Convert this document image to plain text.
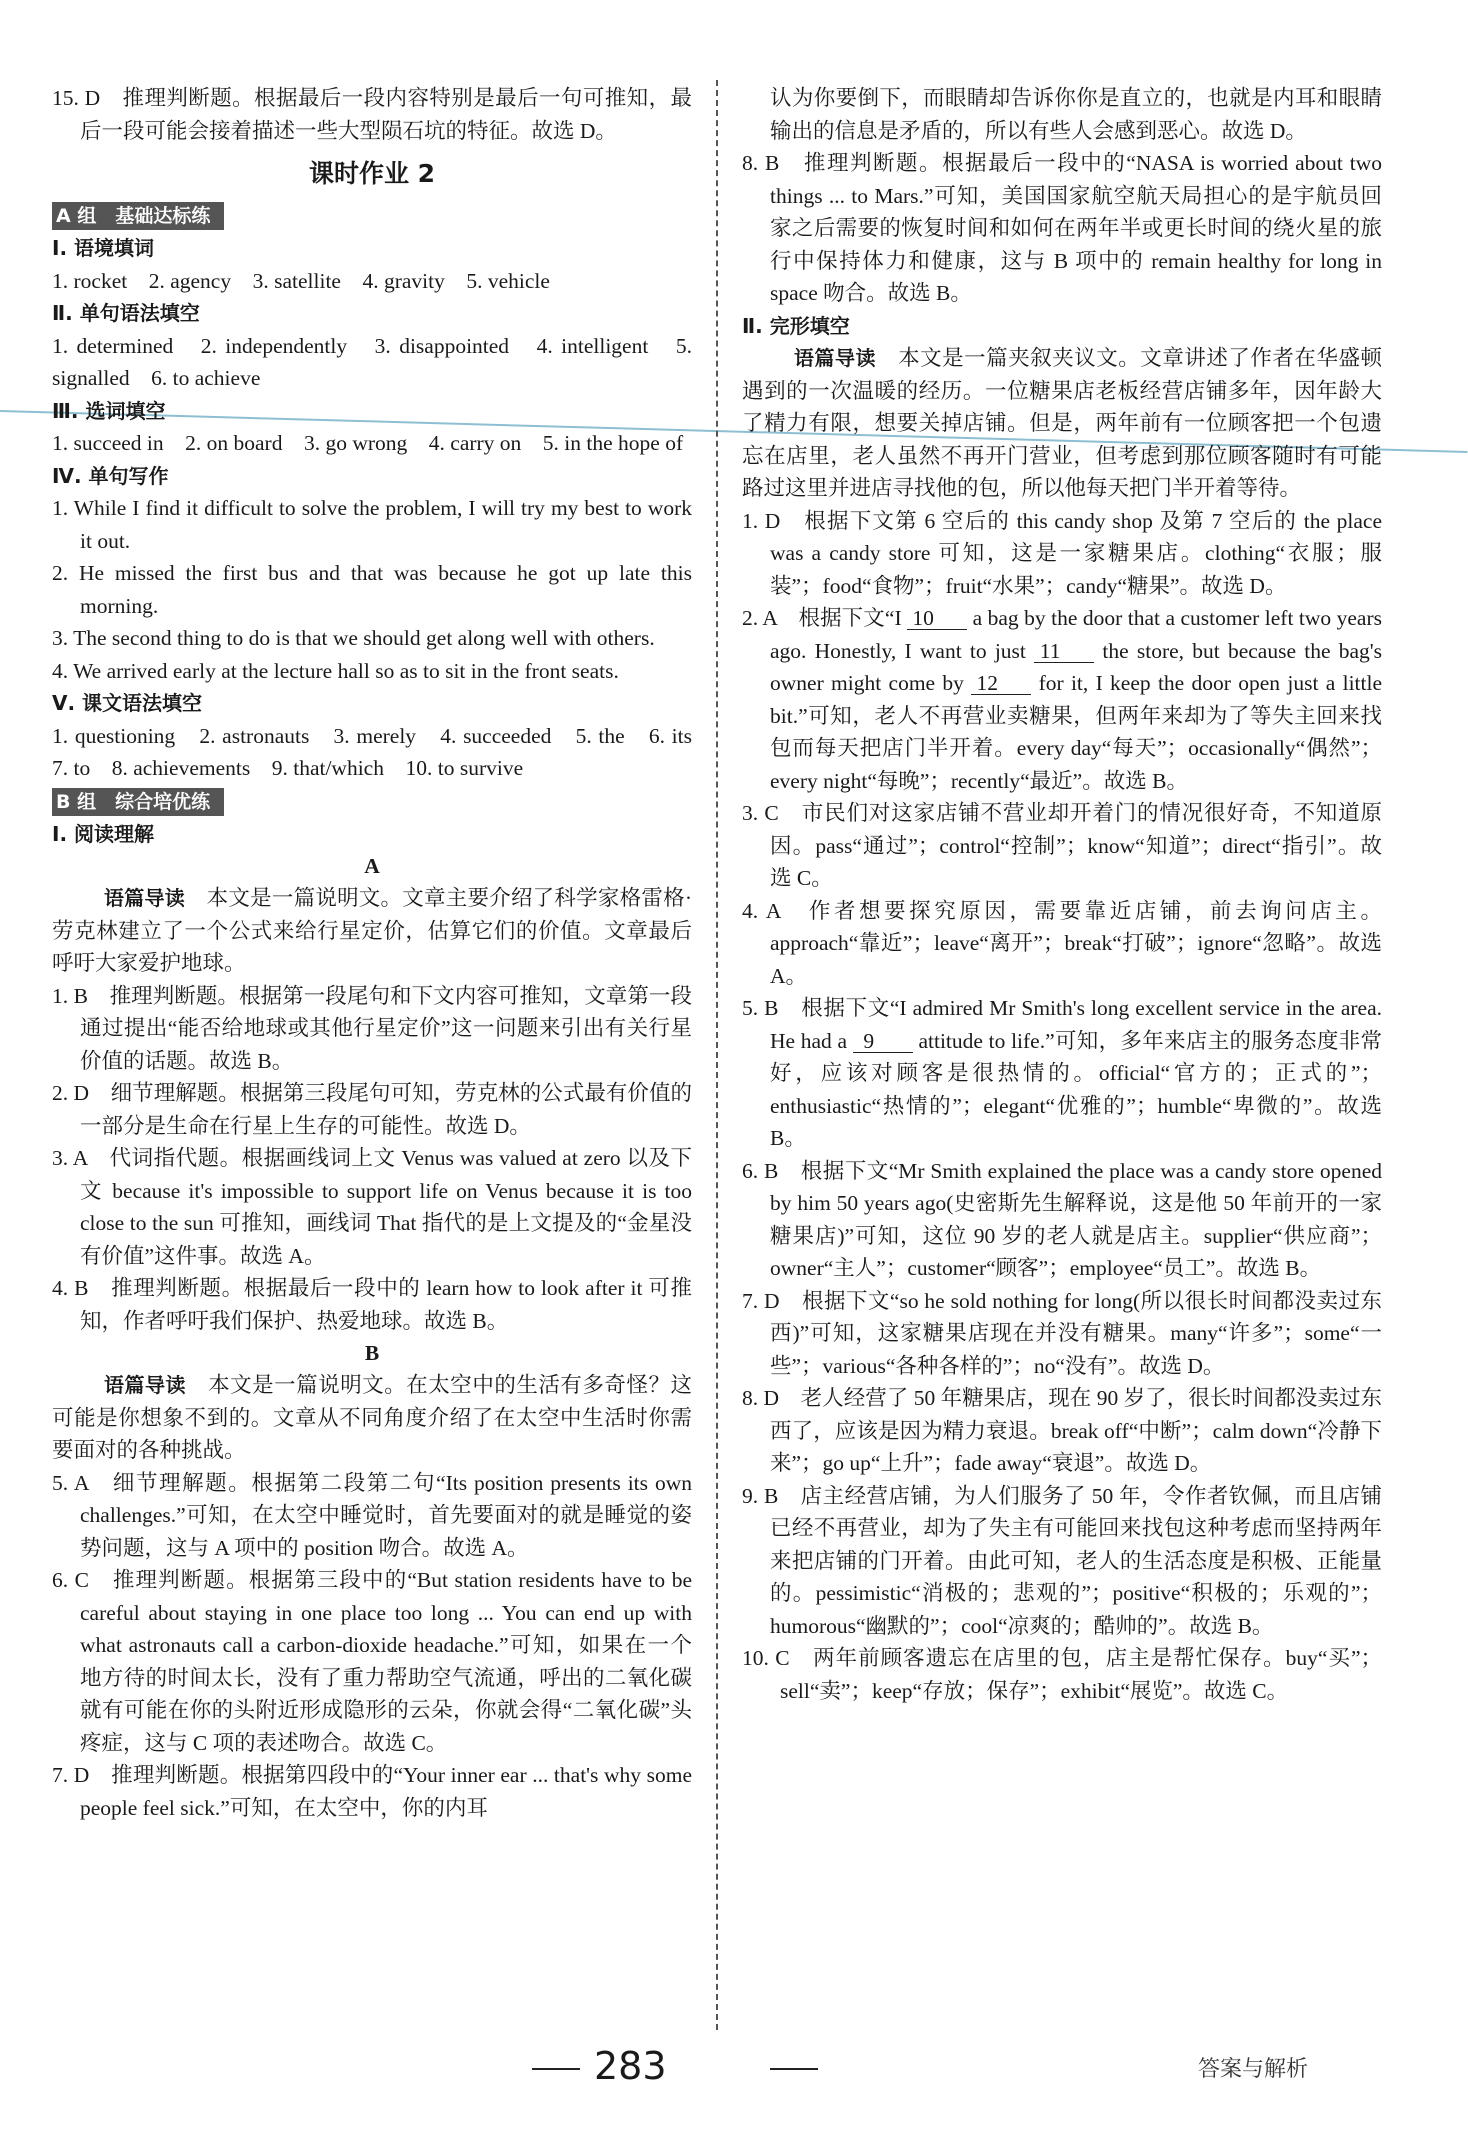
15. D　推理判断题。根据最后一段内容特别是最后一句可推知，最后一段可能会接着描述一些大型陨石坑的特征。故选 D。

课时作业 2
A 组　基础达标练

Ⅰ. 语境填词

1. rocket　2. agency　3. satellite　4. gravity　5. vehicle

Ⅱ. 单句语法填空

1. determined　2. independently　3. disappointed　4. intelligent　5. signalled　6. to achieve

Ⅲ. 选词填空

1. succeed in　2. on board　3. go wrong　4. carry on　5. in the hope of

Ⅳ. 单句写作

1. While I find it difficult to solve the problem, I will try my best to work it out.

2. He missed the first bus and that was because he got up late this morning.

3. The second thing to do is that we should get along well with others.

4. We arrived early at the lecture hall so as to sit in the front seats.

Ⅴ. 课文语法填空

1. questioning　2. astronauts　3. merely　4. succeeded　5. the　6. its　7. to　8. achievements　9. that/which　10. to survive

B 组　综合培优练

Ⅰ. 阅读理解

A

语篇导读　 本文是一篇说明文。文章主要介绍了科学家格雷格·劳克林建立了一个公式来给行星定价，估算它们的价值。文章最后呼吁大家爱护地球。

1. B　推理判断题。根据第一段尾句和下文内容可推知，文章第一段通过提出“能否给地球或其他行星定价”这一问题来引出有关行星价值的话题。故选 B。

2. D　细节理解题。根据第三段尾句可知，劳克林的公式最有价值的一部分是生命在行星上生存的可能性。故选 D。

3. A　代词指代题。根据画线词上文 Venus was valued at zero 以及下文 because it's impossible to support life on Venus because it is too close to the sun 可推知，画线词 That 指代的是上文提及的“金星没有价值”这件事。故选 A。

4. B　推理判断题。根据最后一段中的 learn how to look after it 可推知，作者呼吁我们保护、热爱地球。故选 B。

B

语篇导读　 本文是一篇说明文。在太空中的生活有多奇怪？这可能是你想象不到的。文章从不同角度介绍了在太空中生活时你需要面对的各种挑战。

5. A　细节理解题。根据第二段第二句“Its position presents its own challenges.”可知，在太空中睡觉时，首先要面对的就是睡觉的姿势问题，这与 A 项中的 position 吻合。故选 A。

6. C　推理判断题。根据第三段中的“But station residents have to be careful about staying in one place too long ... You can end up with what astronauts call a carbon-dioxide headache.”可知，如果在一个地方待的时间太长，没有了重力帮助空气流通，呼出的二氧化碳就有可能在你的头附近形成隐形的云朵，你就会得“二氧化碳”头疼症，这与 C 项的表述吻合。故选 C。

7. D　推理判断题。根据第四段中的“Your inner ear ... that's why some people feel sick.”可知，在太空中，你的内耳

认为你要倒下，而眼睛却告诉你你是直立的，也就是内耳和眼睛输出的信息是矛盾的，所以有些人会感到恶心。故选 D。

8. B　推理判断题。根据最后一段中的“NASA is worried about two things ... to Mars.”可知，美国国家航空航天局担心的是宇航员回家之后需要的恢复时间和如何在两年半或更长时间的绕火星的旅行中保持体力和健康，这与 B 项中的 remain healthy for long in space 吻合。故选 B。

Ⅱ. 完形填空

语篇导读　 本文是一篇夹叙夹议文。文章讲述了作者在华盛顿遇到的一次温暖的经历。一位糖果店老板经营店铺多年，因年龄大了精力有限，想要关掉店铺。但是，两年前有一位顾客把一个包遗忘在店里，老人虽然不再开门营业，但考虑到那位顾客随时有可能路过这里并进店寻找他的包，所以他每天把门半开着等待。

1. D　根据下文第 6 空后的 this candy shop 及第 7 空后的 the place was a candy store 可知，这是一家糖果店。clothing“衣服；服装”；food“食物”；fruit“水果”；candy“糖果”。故选 D。

2. A　根据下文“I 10 a bag by the door that a customer left two years ago. Honestly, I want to just 11 the store, but because the bag's owner might come by 12 for it, I keep the door open just a little bit.”可知，老人不再营业卖糖果，但两年来却为了等失主回来找包而每天把店门半开着。every day“每天”；occasionally“偶然”；every night“每晚”；recently“最近”。故选 B。

3. C　市民们对这家店铺不营业却开着门的情况很好奇，不知道原因。pass“通过”；control“控制”；know“知道”；direct“指引”。故选 C。

4. A　作者想要探究原因，需要靠近店铺，前去询问店主。approach“靠近”；leave“离开”；break“打破”；ignore“忽略”。故选 A。

5. B　根据下文“I admired Mr Smith's long excellent service in the area. He had a 9 attitude to life.”可知，多年来店主的服务态度非常好，应该对顾客是很热情的。official“官方的；正式的”；enthusiastic“热情的”；elegant“优雅的”；humble“卑微的”。故选 B。

6. B　根据下文“Mr Smith explained the place was a candy store opened by him 50 years ago(史密斯先生解释说，这是他 50 年前开的一家糖果店)”可知，这位 90 岁的老人就是店主。supplier“供应商”；owner“主人”；customer“顾客”；employee“员工”。故选 B。

7. D　根据下文“so he sold nothing for long(所以很长时间都没卖过东西)”可知，这家糖果店现在并没有糖果。many“许多”；some“一些”；various“各种各样的”；no“没有”。故选 D。

8. D　老人经营了 50 年糖果店，现在 90 岁了，很长时间都没卖过东西了，应该是因为精力衰退。break off“中断”；calm down“冷静下来”；go up“上升”；fade away“衰退”。故选 D。

9. B　店主经营店铺，为人们服务了 50 年，令作者钦佩，而且店铺已经不再营业，却为了失主有可能回来找包这种考虑而坚持两年来把店铺的门开着。由此可知，老人的生活态度是积极、正能量的。pessimistic“消极的；悲观的”；positive“积极的；乐观的”；humorous“幽默的”；cool“凉爽的；酷帅的”。故选 B。

10. C　两年前顾客遗忘在店里的包，店主是帮忙保存。buy“买”；sell“卖”；keep“存放；保存”；exhibit“展览”。故选 C。

283	答案与解析
